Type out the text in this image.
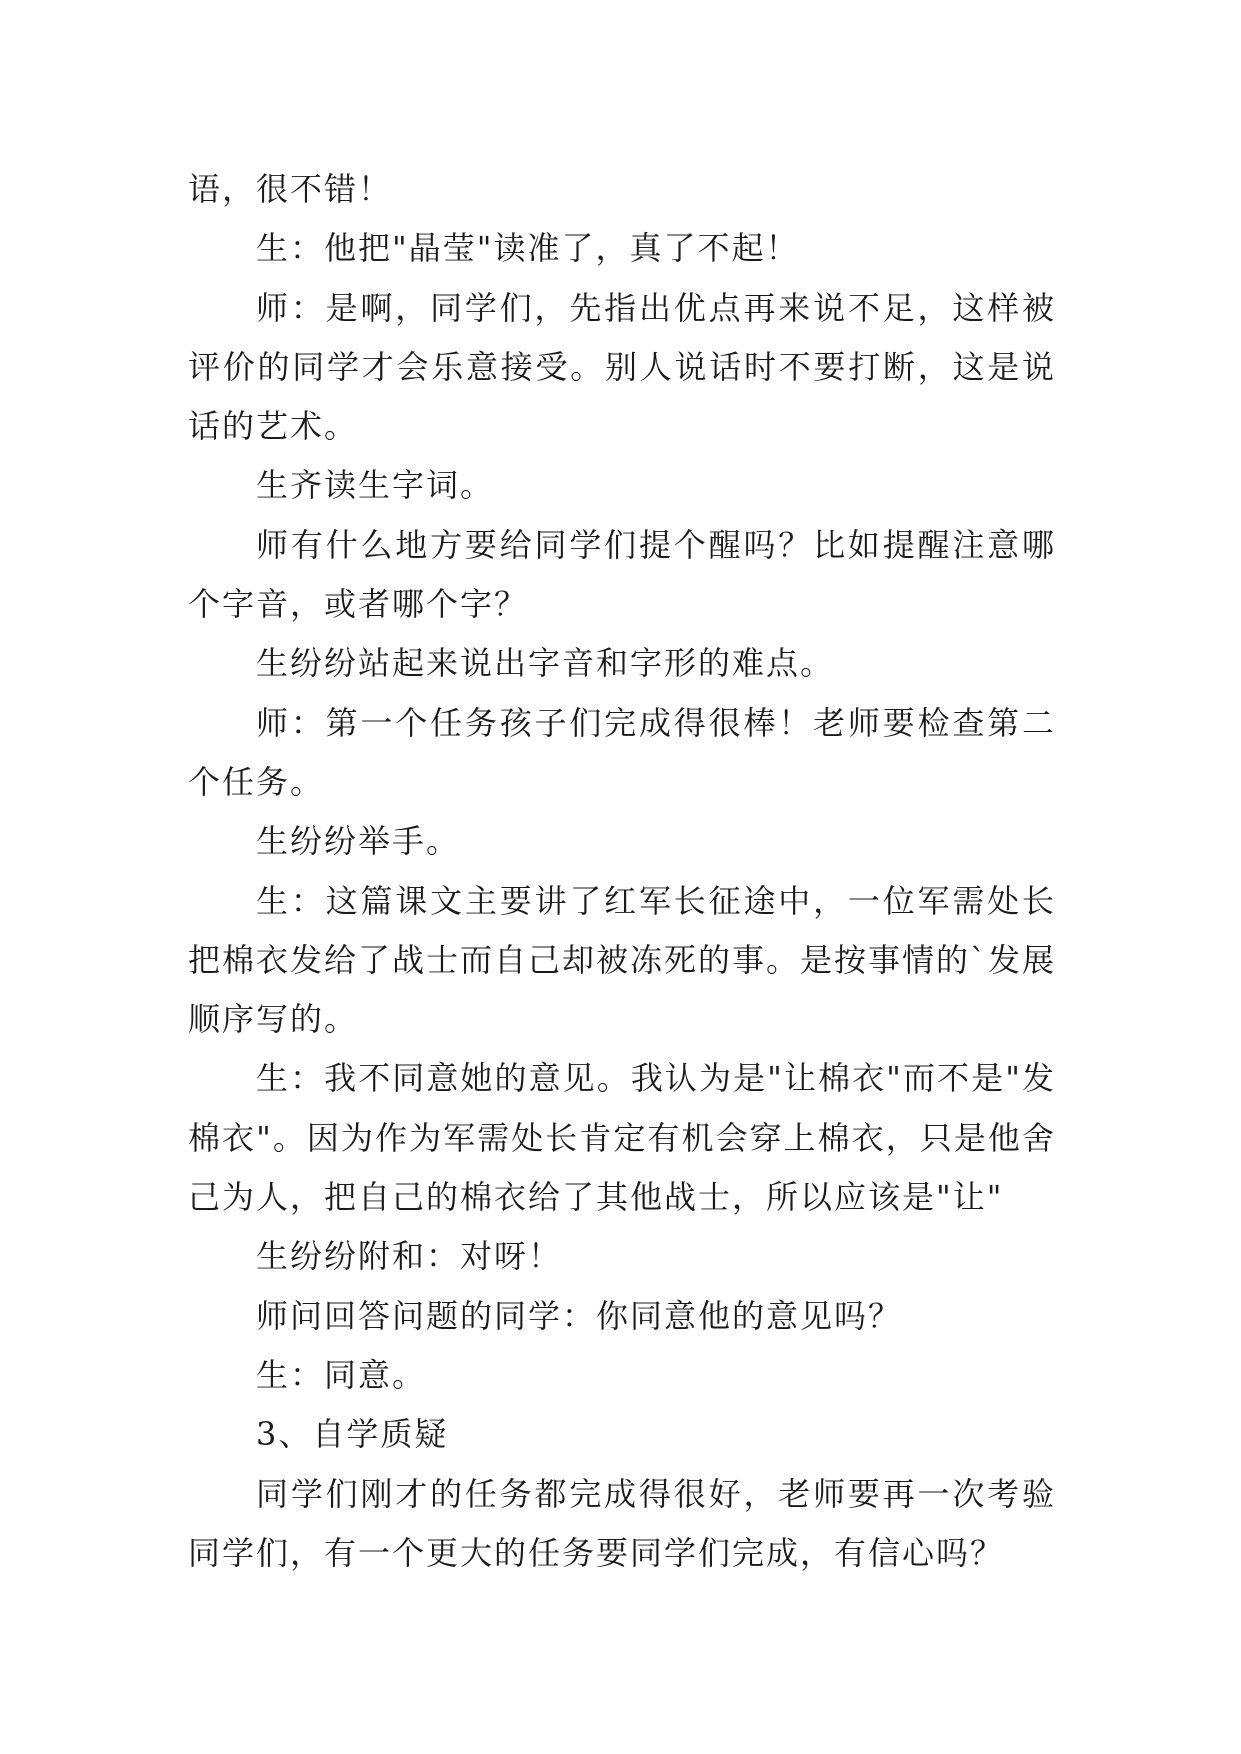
语，很不错！

生：他把"晶莹"读准了，真了不起！

师：是啊，同学们，先指出优点再来说不足，这样被评价的同学才会乐意接受。别人说话时不要打断，这是说话的艺术。

生齐读生字词。

师有什么地方要给同学们提个醒吗？比如提醒注意哪个字音，或者哪个字？

生纷纷站起来说出字音和字形的难点。

师：第一个任务孩子们完成得很棒！老师要检查第二个任务。

生纷纷举手。

生：这篇课文主要讲了红军长征途中，一位军需处长把棉衣发给了战士而自己却被冻死的事。是按事情的`发展顺序写的。

生：我不同意她的意见。我认为是"让棉衣"而不是"发棉衣"。因为作为军需处长肯定有机会穿上棉衣，只是他舍己为人，把自己的棉衣给了其他战士，所以应该是"让"

生纷纷附和：对呀！

师问回答问题的同学：你同意他的意见吗？

生：同意。

3、自学质疑

同学们刚才的任务都完成得很好，老师要再一次考验同学们，有一个更大的任务要同学们完成，有信心吗？
